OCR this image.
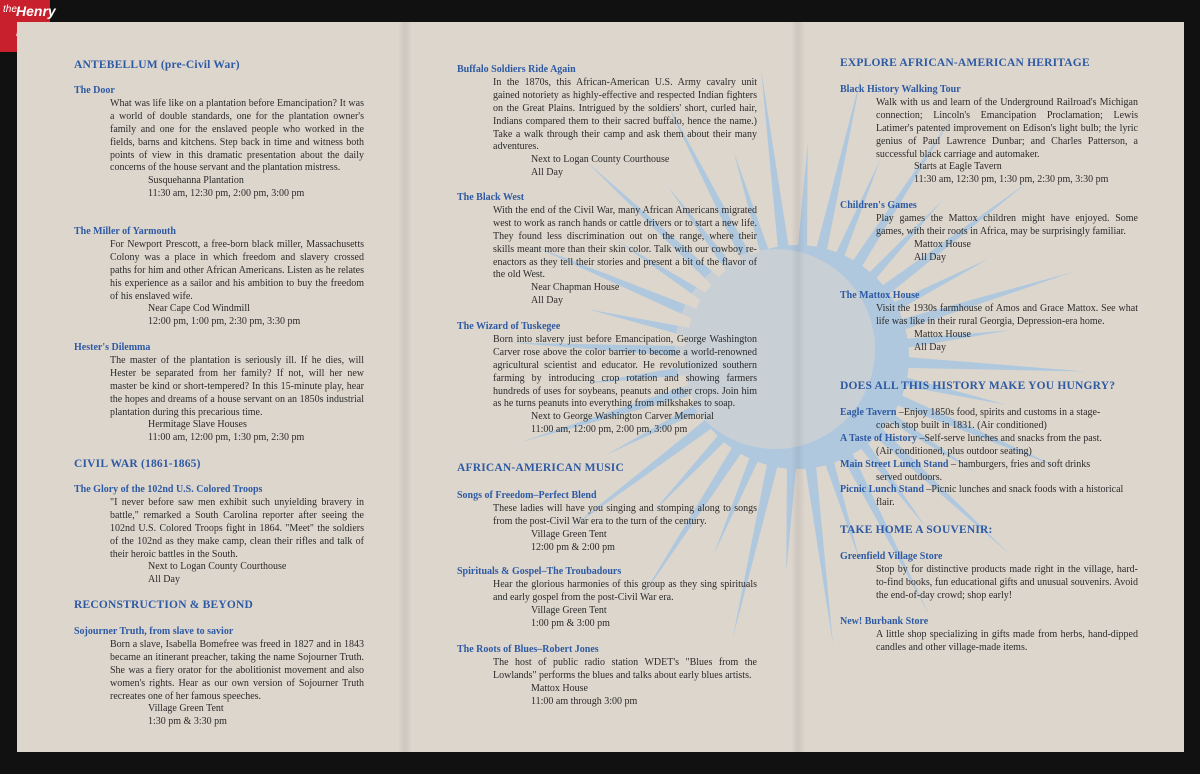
the Henry
ANTEBELLUM (pre-Civil War)
The Door
What was life like on a plantation before Emancipation? It was a world of double standards, one for the plantation owner's family and one for the enslaved people who worked in the fields, barns and kitchens. Step back in time and witness both points of view in this dramatic presentation about the daily concerns of the house servant and the plantation mistress.
Susquehanna Plantation
11:30 am, 12:30 pm, 2:00 pm, 3:00 pm
The Miller of Yarmouth
For Newport Prescott, a free-born black miller, Massachusetts Colony was a place in which freedom and slavery crossed paths for him and other African Americans. Listen as he relates his experience as a sailor and his ambition to buy the freedom of his enslaved wife.
Near Cape Cod Windmill
12:00 pm, 1:00 pm, 2:30 pm, 3:30 pm
Hester's Dilemma
The master of the plantation is seriously ill. If he dies, will Hester be separated from her family? If not, will her new master be kind or short-tempered? In this 15-minute play, hear the hopes and dreams of a house servant on an 1850s industrial plantation during this precarious time.
Hermitage Slave Houses
11:00 am, 12:00 pm, 1:30 pm, 2:30 pm
CIVIL WAR (1861-1865)
The Glory of the 102nd U.S. Colored Troops
"I never before saw men exhibit such unyielding bravery in battle," remarked a South Carolina reporter after seeing the 102nd U.S. Colored Troops fight in 1864. "Meet" the soldiers of the 102nd as they make camp, clean their rifles and talk of their heroic battles in the South.
Next to Logan County Courthouse
All Day
RECONSTRUCTION & BEYOND
Sojourner Truth, from slave to savior
Born a slave, Isabella Bomefree was freed in 1827 and in 1843 became an itinerant preacher, taking the name Sojourner Truth. She was a fiery orator for the abolitionist movement and also women's rights. Hear as our own version of Sojourner Truth recreates one of her famous speeches.
Village Green Tent
1:30 pm & 3:30 pm
Buffalo Soldiers Ride Again
In the 1870s, this African-American U.S. Army cavalry unit gained notoriety as highly-effective and respected Indian fighters on the Great Plains. Intrigued by the soldiers' short, curled hair, Indians compared them to their sacred buffalo, hence the name.) Take a walk through their camp and ask them about their many adventures.
Next to Logan County Courthouse
All Day
The Black West
With the end of the Civil War, many African Americans migrated west to work as ranch hands or cattle drivers or to start a new life. They found less discrimination out on the range, where their skills meant more than their skin color. Talk with our cowboy re-enactors as they tell their stories and present a bit of the flavor of the old West.
Near Chapman House
All Day
The Wizard of Tuskegee
Born into slavery just before Emancipation, George Washington Carver rose above the color barrier to become a world-renowned agricultural scientist and educator. He revolutionized southern farming by introducing crop rotation and showing farmers hundreds of uses for soybeans, peanuts and other crops. Join him as he turns peanuts into everything from milkshakes to soap.
Next to George Washington Carver Memorial
11:00 am, 12:00 pm, 2:00 pm, 3:00 pm
AFRICAN-AMERICAN MUSIC
Songs of Freedom–Perfect Blend
These ladies will have you singing and stomping along to songs from the post-Civil War era to the turn of the century.
Village Green Tent
12:00 pm & 2:00 pm
Spirituals & Gospel–The Troubadours
Hear the glorious harmonies of this group as they sing spirituals and early gospel from the post-Civil War era.
Village Green Tent
1:00 pm & 3:00 pm
The Roots of Blues–Robert Jones
The host of public radio station WDET's "Blues from the Lowlands" performs the blues and talks about early blues artists.
Mattox House
11:00 am through 3:00 pm
EXPLORE AFRICAN-AMERICAN HERITAGE
Black History Walking Tour
Walk with us and learn of the Underground Railroad's Michigan connection; Lincoln's Emancipation Proclamation; Lewis Latimer's patented improvement on Edison's light bulb; the lyric genius of Paul Lawrence Dunbar; and Charles Patterson, a successful black carriage and automaker.
Starts at Eagle Tavern
11:30 am, 12:30 pm, 1:30 pm, 2:30 pm, 3:30 pm
Children's Games
Play games the Mattox children might have enjoyed. Some games, with their roots in Africa, may be surprisingly familiar.
Mattox House
All Day
The Mattox House
Visit the 1930s farmhouse of Amos and Grace Mattox. See what life was like in their rural Georgia, Depression-era home.
Mattox House
All Day
DOES ALL THIS HISTORY MAKE YOU HUNGRY?
Eagle Tavern –Enjoy 1850s food, spirits and customs in a stage-
coach stop built in 1831. (Air conditioned)
A Taste of History –Self-serve lunches and snacks from the past.
(Air conditioned, plus outdoor seating)
Main Street Lunch Stand – hamburgers, fries and soft drinks
served outdoors.
Picnic Lunch Stand –Picnic lunches and snack foods with a historical
flair.
TAKE HOME A SOUVENIR:
Greenfield Village Store
Stop by for distinctive products made right in the village, hard-to-find books, fun educational gifts and unusual souvenirs. Avoid the end-of-day crowd; shop early!
New! Burbank Store
A little shop specializing in gifts made from herbs, hand-dipped candles and other village-made items.
